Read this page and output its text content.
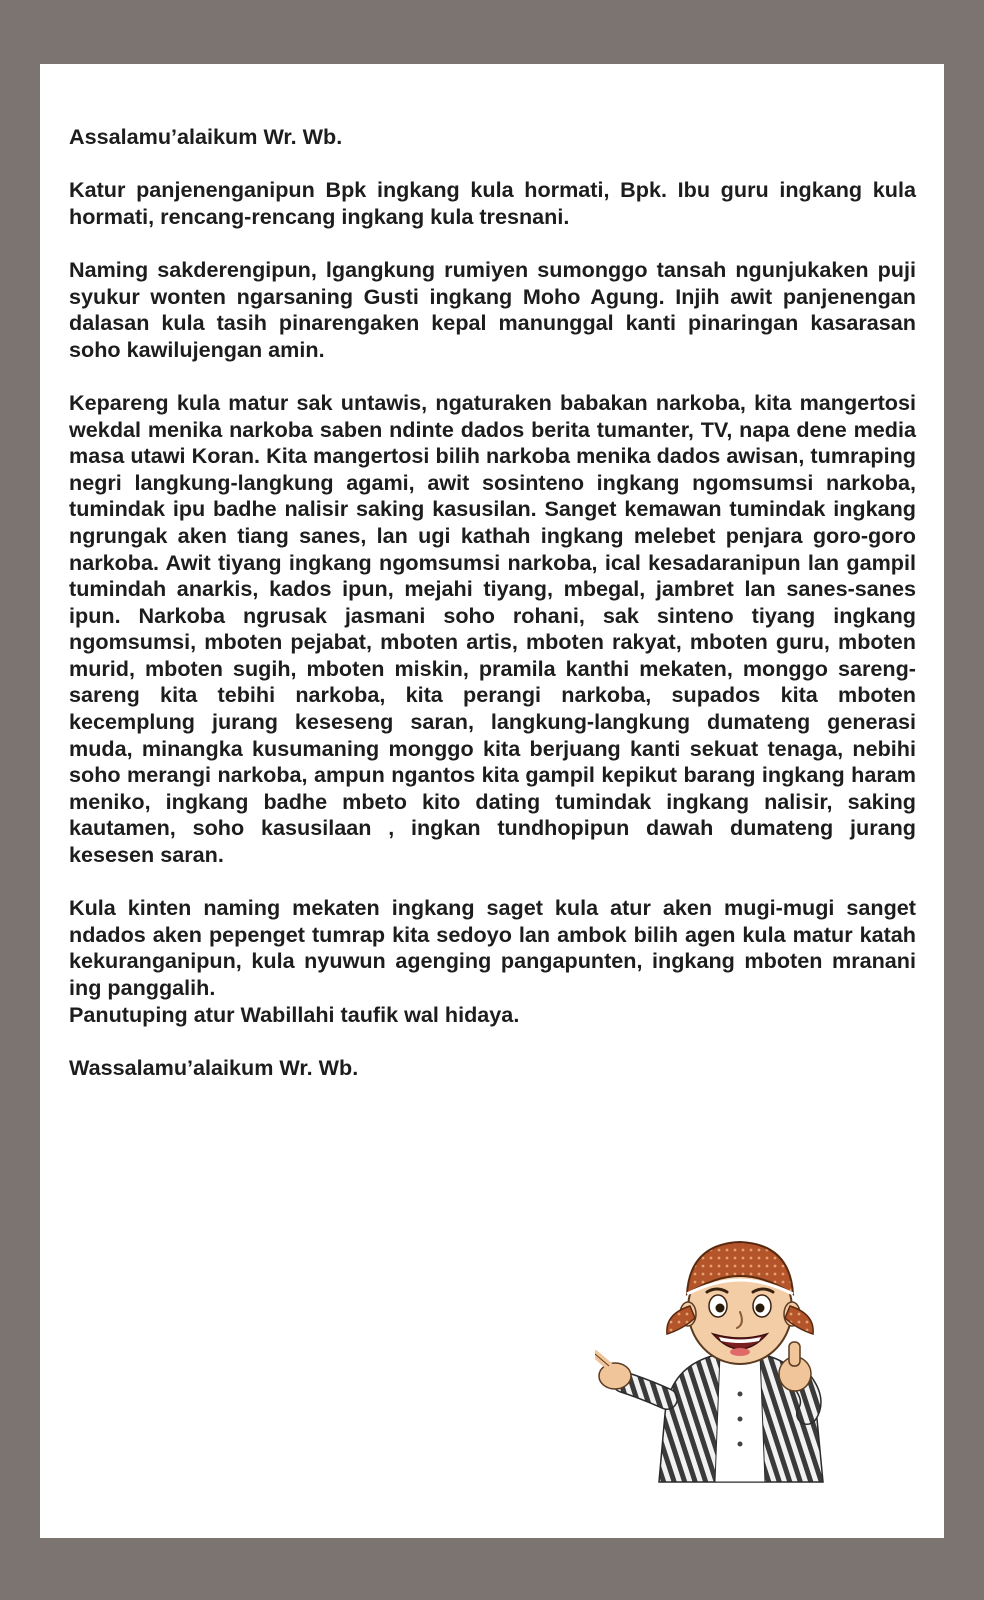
Assalamu’alaikum Wr. Wb.

Katur panjenenganipun Bpk ingkang kula hormati, Bpk. Ibu guru ingkang kula hormati, rencang-rencang ingkang kula tresnani.

Naming sakderengipun, lgangkung rumiyen sumonggo tansah ngunjukaken puji syukur wonten ngarsaning Gusti ingkang Moho Agung. Injih awit panjenengan dalasan kula tasih pinarengaken kepal manunggal kanti pinaringan kasarasan soho kawilujengan amin.

Kepareng kula matur sak untawis, ngaturaken babakan narkoba, kita mangertosi wekdal menika narkoba saben ndinte dados berita tumanter, TV, napa dene media masa utawi Koran. Kita mangertosi bilih narkoba menika dados awisan, tumraping negri langkung-langkung agami, awit sosinteno ingkang ngomsumsi narkoba, tumindak ipu badhe nalisir saking kasusilan. Sanget kemawan tumindak ingkang ngrungak aken tiang sanes, lan ugi kathah ingkang melebet penjara goro-goro narkoba. Awit tiyang ingkang ngomsumsi narkoba, ical kesadaranipun lan gampil tumindah anarkis, kados ipun, mejahi tiyang, mbegal, jambret lan sanes-sanes ipun. Narkoba ngrusak jasmani soho rohani, sak sinteno tiyang ingkang ngomsumsi, mboten pejabat, mboten artis, mboten rakyat, mboten guru, mboten murid, mboten sugih, mboten miskin, pramila kanthi mekaten, monggo sareng-sareng kita tebihi narkoba, kita perangi narkoba, supados kita mboten kecemplung jurang keseseng saran, langkung-langkung dumateng generasi muda, minangka kusumaning monggo kita berjuang kanti sekuat tenaga, nebihi soho merangi narkoba, ampun ngantos kita gampil kepikut barang ingkang haram meniko, ingkang badhe mbeto kito dating tumindak ingkang nalisir, saking kautamen, soho kasusilaan , ingkan tundhopipun dawah dumateng jurang kesesen saran.

Kula kinten naming mekaten ingkang saget kula atur aken mugi-mugi sanget ndados aken pepenget tumrap kita sedoyo lan ambok bilih agen kula matur katah kekuranganipun, kula nyuwun agenging pangapunten, ingkang mboten mranani ing panggalih.

Panutuping atur Wabillahi taufik wal hidaya.

Wassalamu’alaikum Wr. Wb.
